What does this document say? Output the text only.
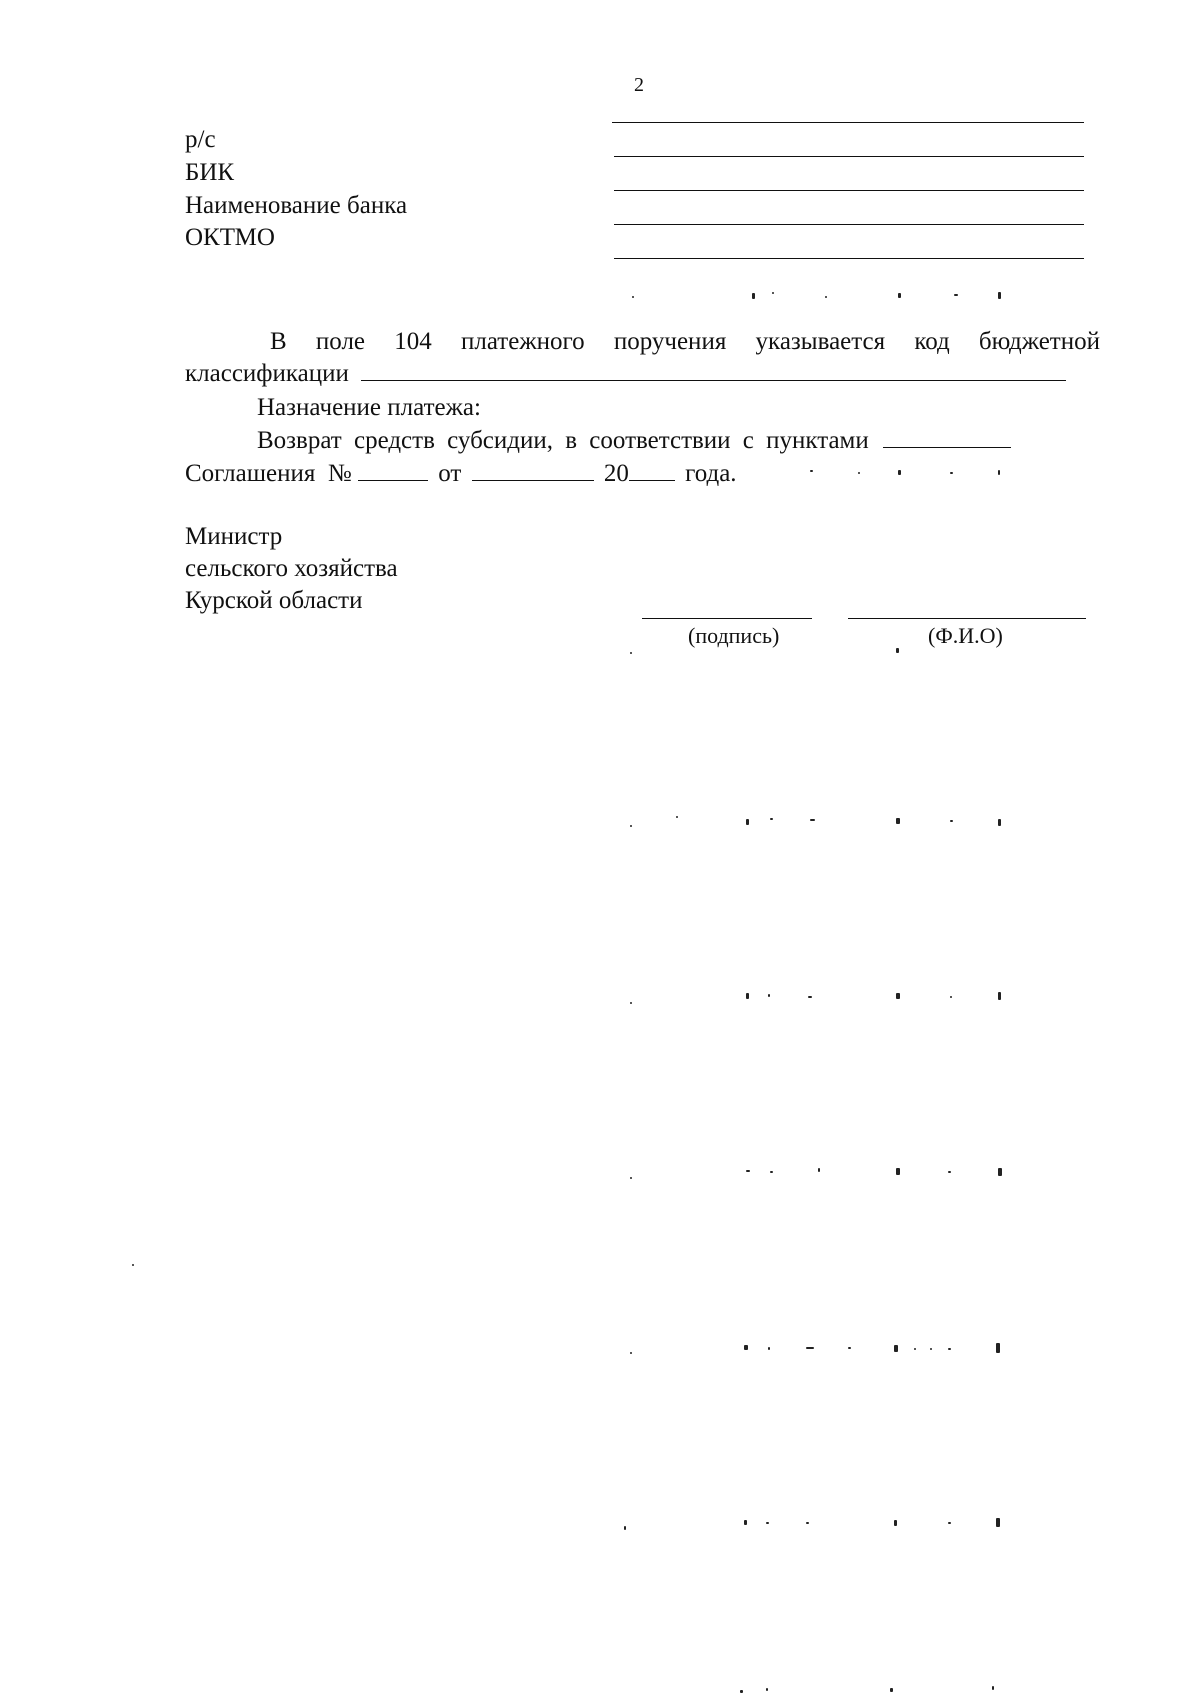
2
р/с
БИК
Наименование банка
ОКТМО
В поле 104 платежного поручения указывается код бюджетной
классификации
Назначение платежа:
Возврат средств субсидии, в соответствии с пунктами
Соглашения №	от	20 года.
Министр
сельского хозяйства
Курской области
(подпись)	(Ф.И.О)
